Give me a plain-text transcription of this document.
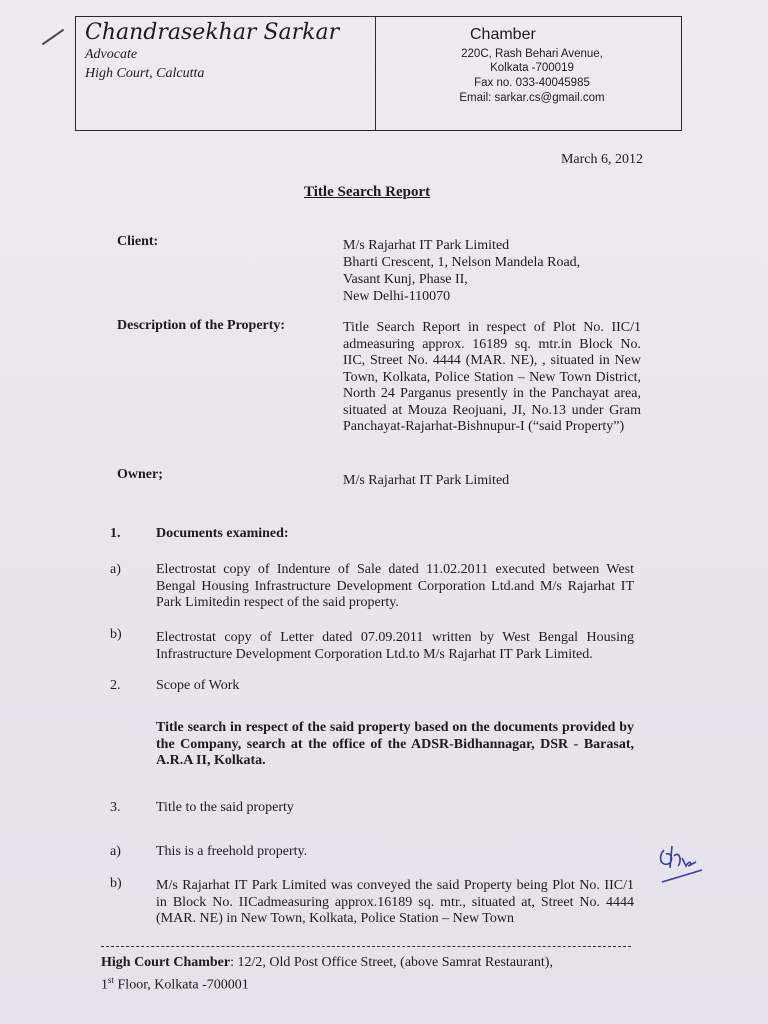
Chandrasekhar Sarkar
Advocate
High Court, Calcutta
Chamber
220C, Rash Behari Avenue,
Kolkata -700019
Fax no. 033-40045985
Email: sarkar.cs@gmail.com
March 6, 2012
Title Search Report
Client:	M/s Rajarhat IT Park Limited
Bharti Crescent, 1, Nelson Mandela Road,
Vasant Kunj, Phase II,
New Delhi-110070
Description of the Property:	Title Search Report in respect of Plot No. IIC/1 admeasuring approx. 16189 sq. mtr.in Block No. IIC, Street No. 4444 (MAR. NE), , situated in New Town, Kolkata, Police Station – New Town District, North 24 Parganus presently in the Panchayat area, situated at Mouza Reojuani, JI, No.13 under Gram Panchayat-Rajarhat-Bishnupur-I (“said Property”)
Owner;	M/s Rajarhat IT Park Limited
1.	Documents examined:
a)	Electrostat copy of Indenture of Sale dated 11.02.2011 executed between West Bengal Housing Infrastructure Development Corporation Ltd.and M/s Rajarhat IT Park Limitedin respect of the said property.
b) Electrostat copy of Letter dated 07.09.2011 written by West Bengal Housing Infrastructure Development Corporation Ltd.to M/s Rajarhat IT Park Limited.
2.	Scope of Work
Title search in respect of the said property based on the documents provided by the Company, search at the office of the ADSR-Bidhannagar, DSR - Barasat, A.R.A II, Kolkata.
3.	Title to the said property
a)	This is a freehold property.
b) M/s Rajarhat IT Park Limited was conveyed the said Property being Plot No. IIC/1 in Block No. IICadmeasuring approx.16189 sq. mtr., situated at, Street No. 4444 (MAR. NE) in New Town, Kolkata, Police Station – New Town
High Court Chamber: 12/2, Old Post Office Street, (above Samrat Restaurant),
1st Floor, Kolkata -700001
